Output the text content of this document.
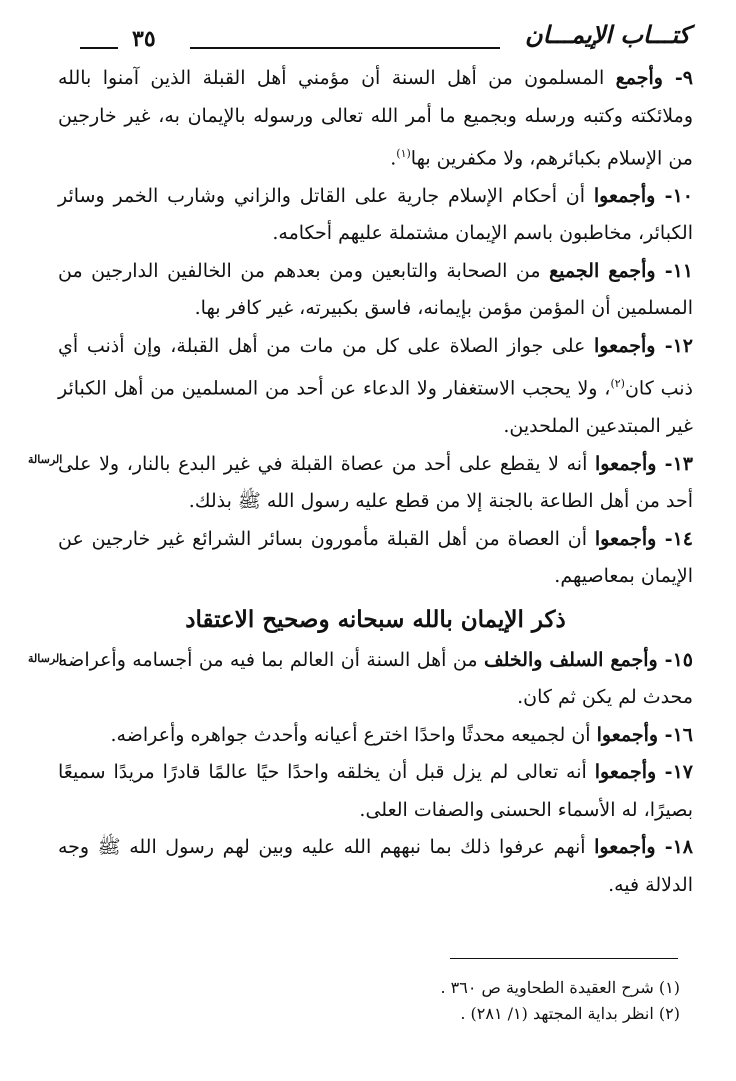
٣٥	كتـــاب الإيمـــان
الرسالة
الرسالة

٩- وأجمع المسلمون من أهل السنة أن مؤمني أهل القبلة الذين آمنوا بالله وملائكته وكتبه ورسله وبجميع ما أمر الله تعالى ورسوله بالإيمان به، غير خارجين من الإسلام بكبائرهم، ولا مكفرين بها$^{(١)}$.

١٠- وأجمعوا أن أحكام الإسلام جارية على القاتل والزاني وشارب الخمر وسائر الكبائر، مخاطبون باسم الإيمان مشتملة عليهم أحكامه.

١١- وأجمع الجميع من الصحابة والتابعين ومن بعدهم من الخالفين الدارجين من المسلمين أن المؤمن مؤمن بإيمانه، فاسق بكبيرته، غير كافر بها.

١٢- وأجمعوا على جواز الصلاة على كل من مات من أهل القبلة، وإن أذنب أي ذنب كان$^{(٢)}$، ولا يحجب الاستغفار ولا الدعاء عن أحد من المسلمين من أهل الكبائر غير المبتدعين الملحدين.

١٣- وأجمعوا أنه لا يقطع على أحد من عصاة القبلة في غير البدع بالنار، ولا على أحد من أهل الطاعة بالجنة إلا من قطع عليه رسول الله ﷺ بذلك.

١٤- وأجمعوا أن العصاة من أهل القبلة مأمورون بسائر الشرائع غير خارجين عن الإيمان بمعاصيهم.

ذكر الإيمان بالله سبحانه وصحيح الاعتقاد

١٥- وأجمع السلف والخلف من أهل السنة أن العالم بما فيه من أجسامه وأعراضه محدث لم يكن ثم كان.

١٦- وأجمعوا أن لجميعه محدثًا واحدًا اخترع أعيانه وأحدث جواهره وأعراضه.

١٧- وأجمعوا أنه تعالى لم يزل قبل أن يخلقه واحدًا حيًا عالمًا قادرًا مريدًا سميعًا بصيرًا، له الأسماء الحسنى والصفات العلى.

١٨- وأجمعوا أنهم عرفوا ذلك بما نبههم الله عليه وبين لهم رسول الله ﷺ وجه الدلالة فيه.

(١) شرح العقيدة الطحاوية ص ٣٦٠ .

(٢) انظر بداية المجتهد (١/ ٢٨١) .
